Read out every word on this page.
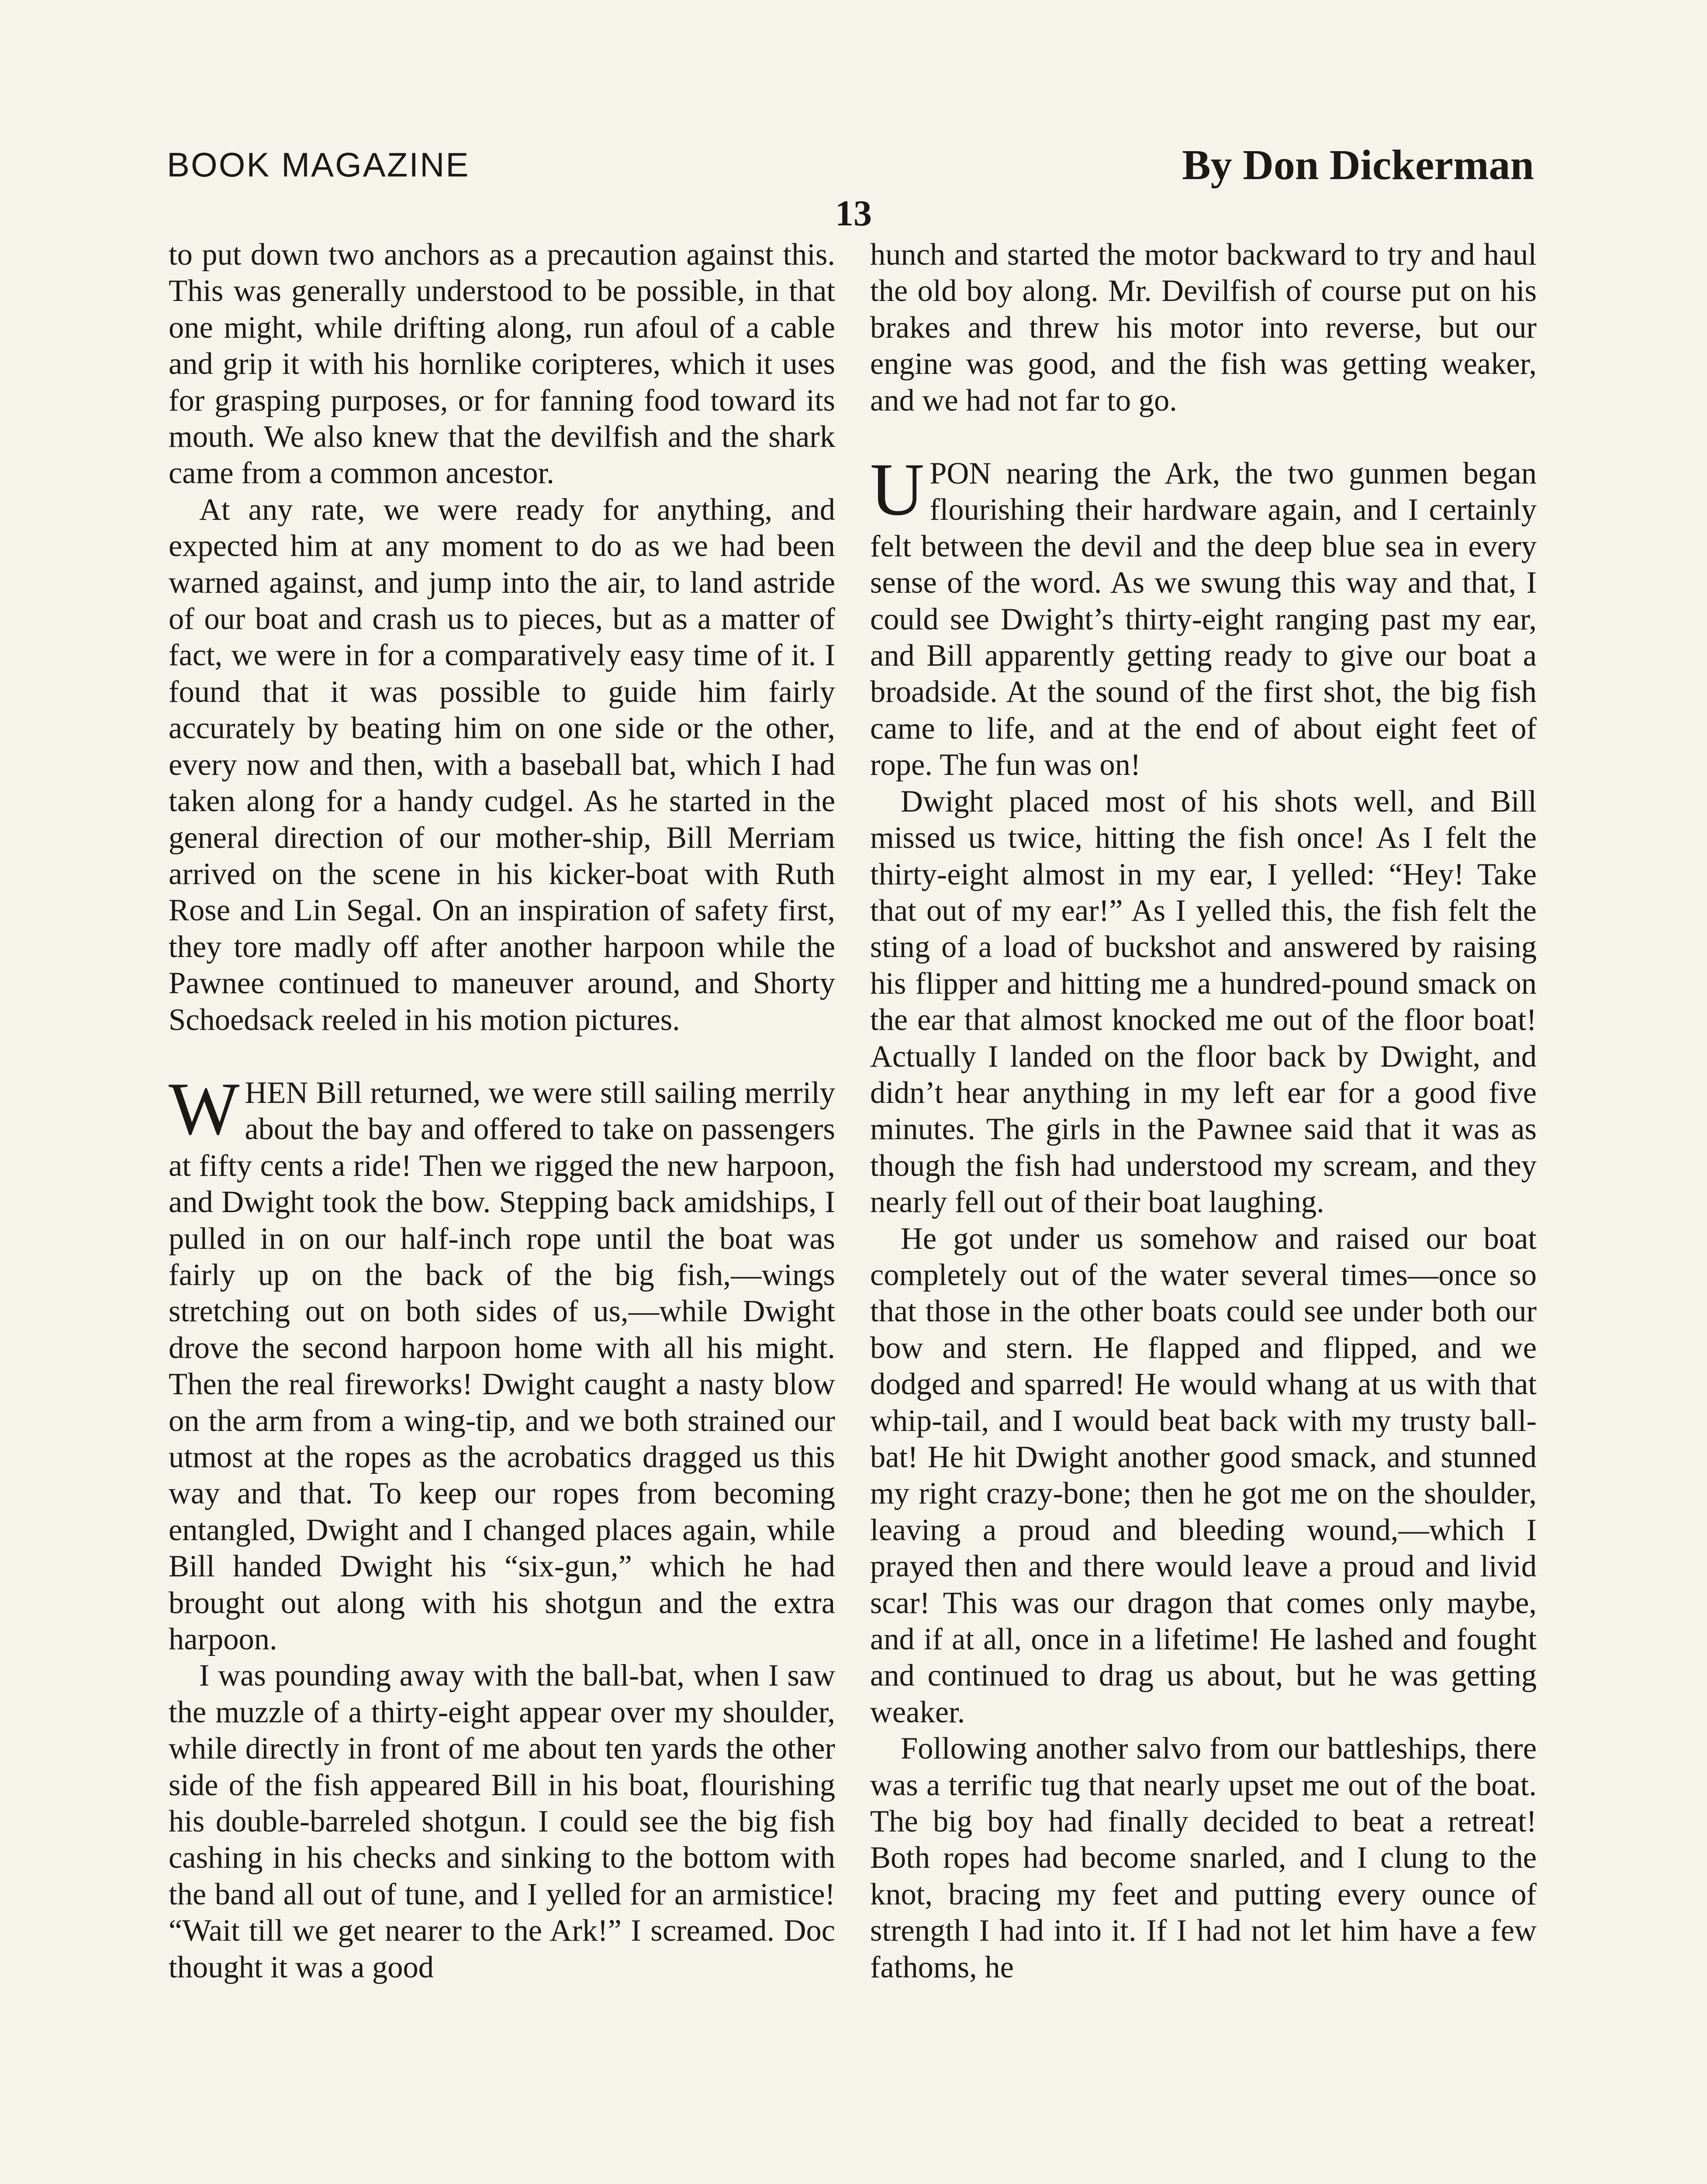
BOOK MAGAZINE	By Don Dickerman
13

to put down two anchors as a precaution against this. This was generally understood to be possible, in that one might, while drifting along, run afoul of a cable and grip it with his hornlike coripteres, which it uses for grasping purposes, or for fanning food toward its mouth. We also knew that the devilfish and the shark came from a common ancestor.

At any rate, we were ready for anything, and expected him at any moment to do as we had been warned against, and jump into the air, to land astride of our boat and crash us to pieces, but as a matter of fact, we were in for a comparatively easy time of it. I found that it was possible to guide him fairly accurately by beating him on one side or the other, every now and then, with a baseball bat, which I had taken along for a handy cudgel. As he started in the general direction of our mother-ship, Bill Merriam arrived on the scene in his kicker-boat with Ruth Rose and Lin Segal. On an inspiration of safety first, they tore madly off after another harpoon while the Pawnee continued to maneuver around, and Shorty Schoedsack reeled in his motion pictures.

WHEN Bill returned, we were still sailing merrily about the bay and offered to take on passengers at fifty cents a ride! Then we rigged the new harpoon, and Dwight took the bow. Stepping back amidships, I pulled in on our half-inch rope until the boat was fairly up on the back of the big fish,—wings stretching out on both sides of us,—while Dwight drove the second harpoon home with all his might. Then the real fireworks! Dwight caught a nasty blow on the arm from a wing-tip, and we both strained our utmost at the ropes as the acrobatics dragged us this way and that. To keep our ropes from becoming entangled, Dwight and I changed places again, while Bill handed Dwight his “six-gun,” which he had brought out along with his shotgun and the extra harpoon.

I was pounding away with the ball-bat, when I saw the muzzle of a thirty-eight appear over my shoulder, while directly in front of me about ten yards the other side of the fish appeared Bill in his boat, flourishing his double-barreled shotgun. I could see the big fish cashing in his checks and sinking to the bottom with the band all out of tune, and I yelled for an armistice! “Wait till we get nearer to the Ark!” I screamed. Doc thought it was a good

hunch and started the motor backward to try and haul the old boy along. Mr. Devilfish of course put on his brakes and threw his motor into reverse, but our engine was good, and the fish was getting weaker, and we had not far to go.

UPON nearing the Ark, the two gunmen began flourishing their hardware again, and I certainly felt between the devil and the deep blue sea in every sense of the word. As we swung this way and that, I could see Dwight’s thirty-eight ranging past my ear, and Bill apparently getting ready to give our boat a broadside. At the sound of the first shot, the big fish came to life, and at the end of about eight feet of rope. The fun was on!

Dwight placed most of his shots well, and Bill missed us twice, hitting the fish once! As I felt the thirty-eight almost in my ear, I yelled: “Hey! Take that out of my ear!” As I yelled this, the fish felt the sting of a load of buckshot and answered by raising his flipper and hitting me a hundred-pound smack on the ear that almost knocked me out of the floor boat! Actually I landed on the floor back by Dwight, and didn’t hear anything in my left ear for a good five minutes. The girls in the Pawnee said that it was as though the fish had understood my scream, and they nearly fell out of their boat laughing.

He got under us somehow and raised our boat completely out of the water several times—once so that those in the other boats could see under both our bow and stern. He flapped and flipped, and we dodged and sparred! He would whang at us with that whip-tail, and I would beat back with my trusty ball-bat! He hit Dwight another good smack, and stunned my right crazy-bone; then he got me on the shoulder, leaving a proud and bleeding wound,—which I prayed then and there would leave a proud and livid scar! This was our dragon that comes only maybe, and if at all, once in a lifetime! He lashed and fought and continued to drag us about, but he was getting weaker.

Following another salvo from our battleships, there was a terrific tug that nearly upset me out of the boat. The big boy had finally decided to beat a retreat! Both ropes had become snarled, and I clung to the knot, bracing my feet and putting every ounce of strength I had into it. If I had not let him have a few fathoms, he
